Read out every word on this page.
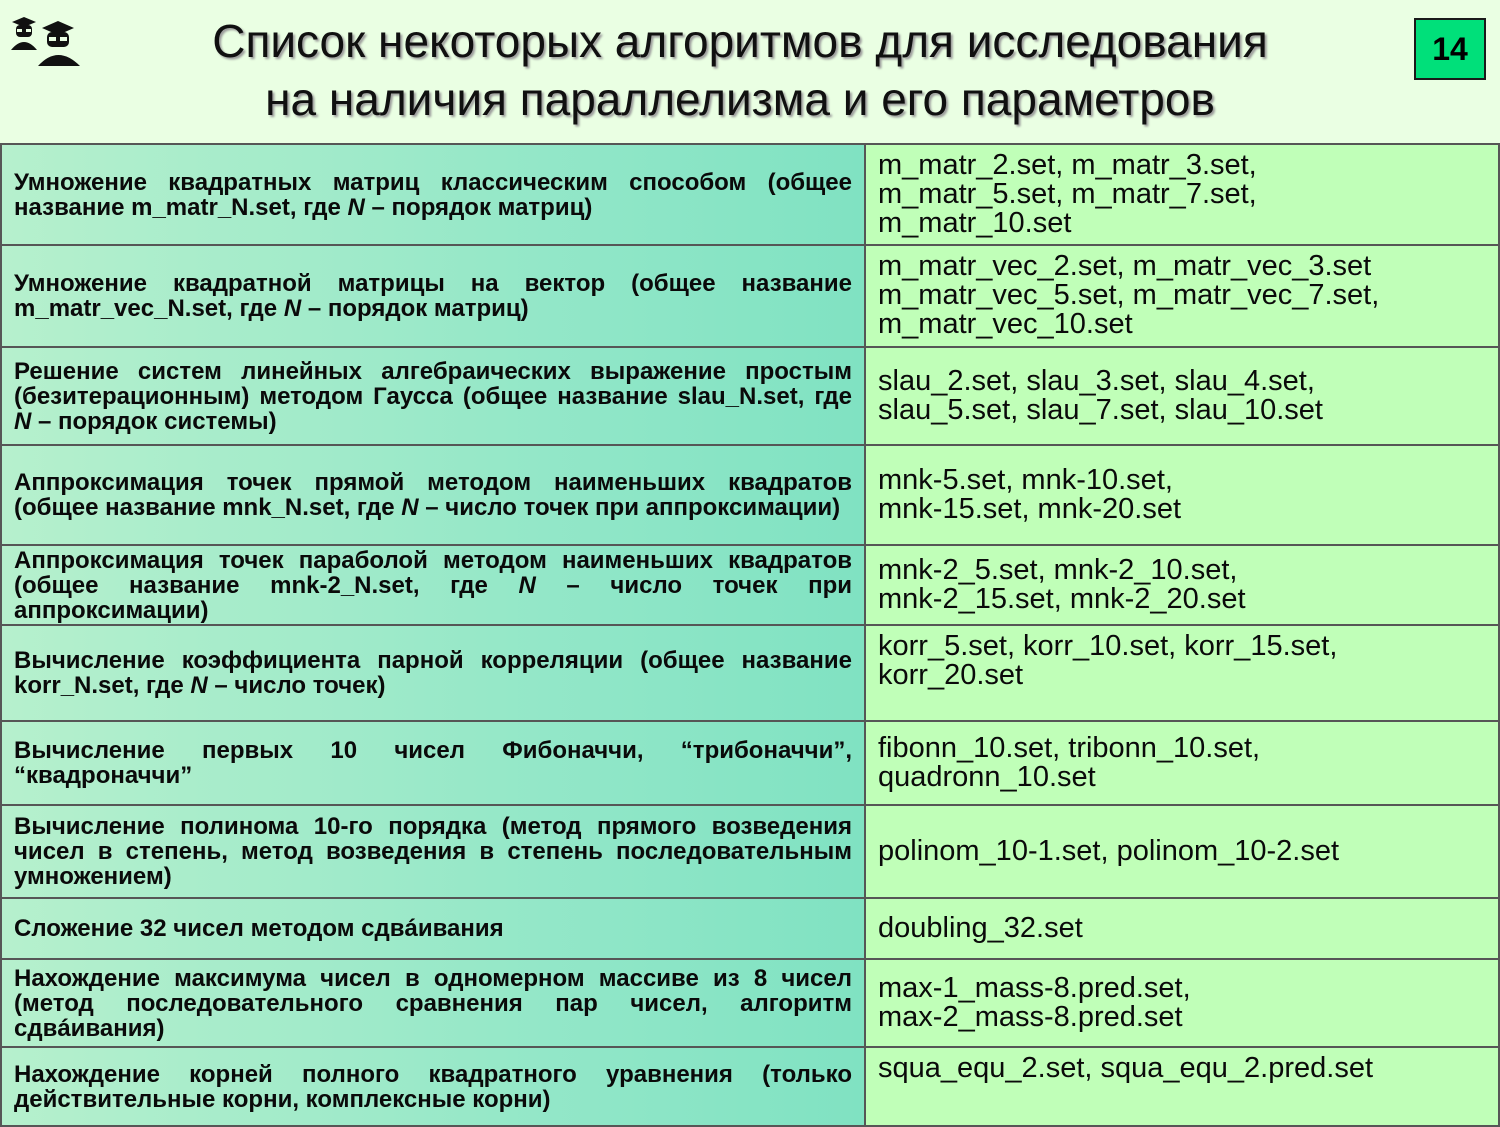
Список некоторых алгоритмов для исследования
на наличия параллелизма и его параметров
14
Умножение квадратных матриц классическим способом (общее название m_matr_N.set, где N – порядок матриц)	m_matr_2.set, m_matr_3.set,
m_matr_5.set, m_matr_7.set,
m_matr_10.set

Умножение квадратной матрицы на вектор (общее название m_matr_vec_N.set, где N – порядок матриц)	m_matr_vec_2.set, m_matr_vec_3.set
m_matr_vec_5.set, m_matr_vec_7.set,
m_matr_vec_10.set

Решение систем линейных алгебраических выражение простым (безитерационным) методом Гаусса (общее название slau_N.set, где N – порядок системы)	slau_2.set, slau_3.set, slau_4.set,
slau_5.set, slau_7.set, slau_10.set

Аппроксимация точек прямой методом наименьших квадратов (общее название mnk_N.set, где N – число точек при аппроксимации)	mnk-5.set, mnk-10.set,
mnk-15.set, mnk-20.set

Аппроксимация точек параболой методом наименьших квадратов (общее название mnk-2_N.set, где N – число точек при аппроксимации)	mnk-2_5.set, mnk-2_10.set,
mnk-2_15.set, mnk-2_20.set

Вычисление коэффициента парной корреляции (общее название korr_N.set, где N – число точек)	korr_5.set, korr_10.set, korr_15.set,
korr_20.set

Вычисление первых 10 чисел Фибоначчи, “трибоначчи”, “квадроначчи”	fibonn_10.set, tribonn_10.set,
quadronn_10.set

Вычисление полинома 10-го порядка (метод прямого возведения чисел в степень, метод возведения в степень последовательным умножением)	polinom_10-1.set, polinom_10-2.set

Сложение 32 чисел методом сдвáивания	doubling_32.set

Нахождение максимума чисел в одномерном массиве из 8 чисел (метод последовательного сравнения пар чисел, алгоритм сдвáивания)	max-1_mass-8.pred.set,
max-2_mass-8.pred.set

Нахождение корней полного квадратного уравнения (только действительные корни, комплексные корни)	squa_equ_2.set, squa_equ_2.pred.set
